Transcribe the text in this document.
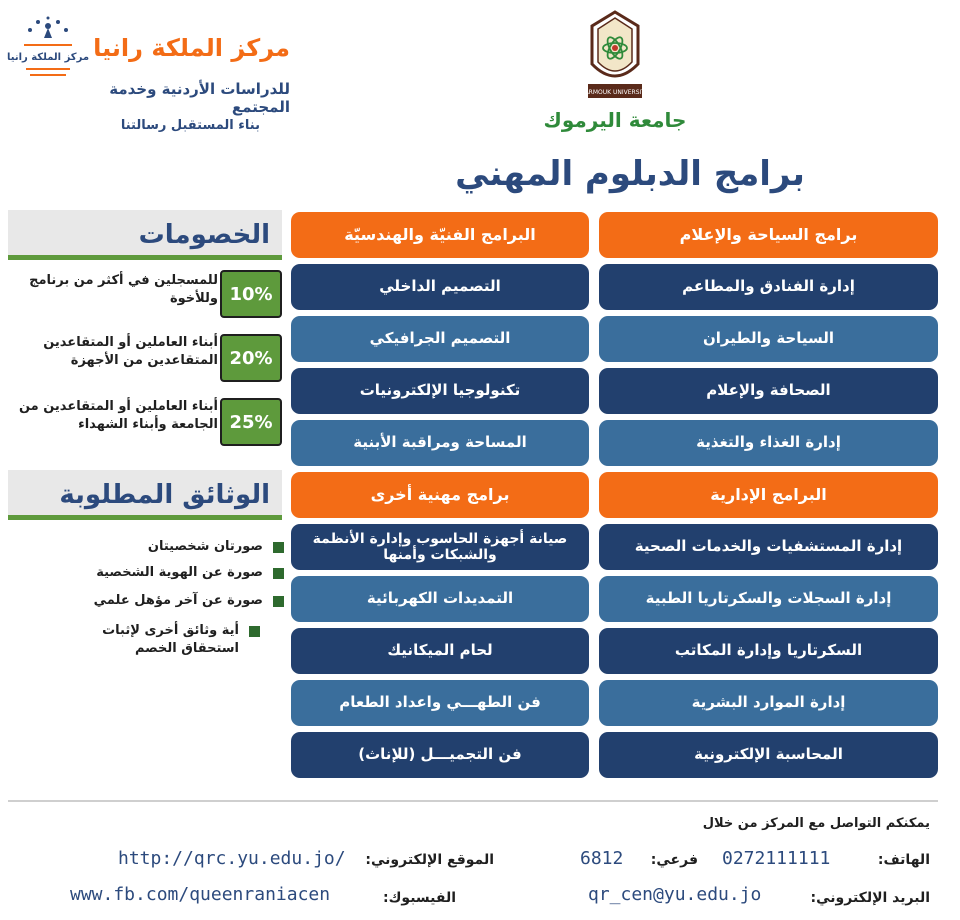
مركز الملكة رانيا مركز الملكة رانيا
للدراسات الأردنية وخدمة المجتمع
بناء المستقبل رسالتنا
YARMOUK UNIVERSITY
جامعة اليرموك
برامج الدبلوم المهني
برامج السياحة والإعلام
البرامج الفنيّة والهندسيّة
إدارة الفنادق والمطاعم
السياحة والطيران
الصحافة والإعلام
إدارة الغذاء والتغذية
التصميم الداخلي
التصميم الجرافيكي
تكنولوجيا الإلكترونيات
المساحة ومراقبة الأبنية
البرامج الإدارية
برامج مهنية أخرى
إدارة المستشفيات والخدمات الصحية
إدارة السجلات والسكرتاريا الطبية
السكرتاريا وإدارة المكاتب
إدارة الموارد البشرية
المحاسبة الإلكترونية
صيانة أجهزة الحاسوب وإدارة الأنظمة والشبكات وأمنها
التمديدات الكهربائية
لحام الميكانيك
فن الطهـــي واعداد الطعام
فن التجميـــل (للإناث)
الخصومات
10%
للمسجلين في أكثر من برنامج وللأخوة
20%
أبناء العاملين أو المتقاعدين المتقاعدين من الأجهزة
25%
أبناء العاملين أو المتقاعدين من الجامعة وأبناء الشهداء
الوثائق المطلوبة
صورتان شخصيتان
صورة عن الهوية الشخصية
صورة عن آخر مؤهل علمي
أية وثائق أخرى لإثبات استحقاق الخصم
يمكنكم التواصل مع المركز من خلال
الهاتف:
0272111111
فرعي:
6812
البريد الإلكتروني:
qr_cen@yu.edu.jo
الموقع الإلكتروني:
http://qrc.yu.edu.jo/
الفيسبوك:
www.fb.com/queenraniacen
